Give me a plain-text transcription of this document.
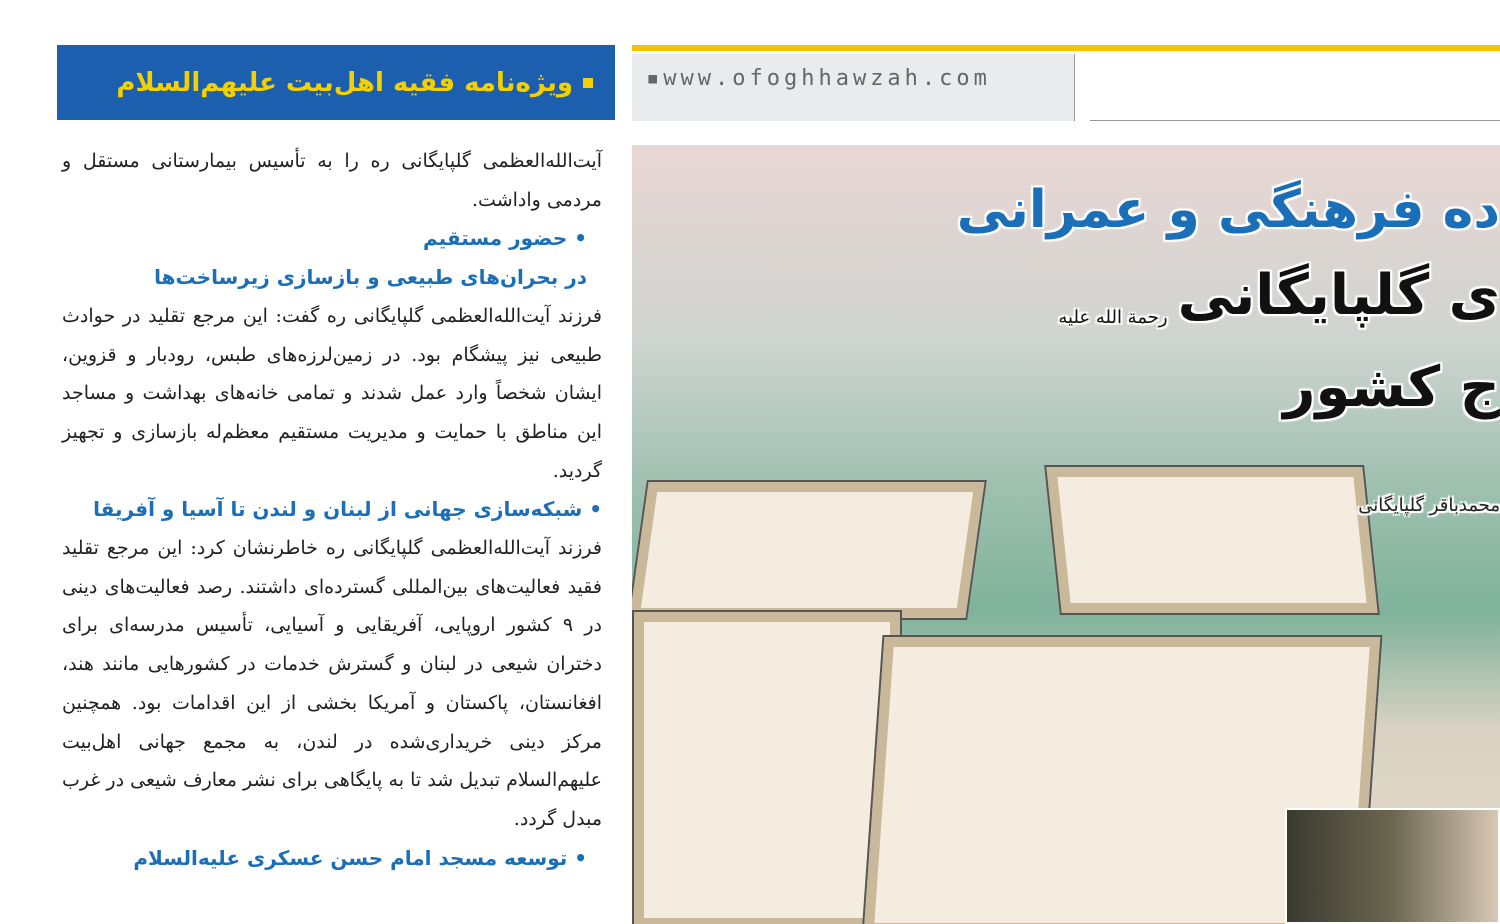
ویژه‌نامه فقیه اهل‌بیت علیهم‌السلام

آیت‌الله‌العظمی گلپایگانی ره را به تأسیس بیمارستانی مستقل و مردمی واداشت.

• حضور مستقیم
در بحران‌های طبیعی و بازسازی زیرساخت‌ها

فرزند آیت‌الله‌العظمی گلپایگانی ره گفت: این مرجع تقلید در حوادث طبیعی نیز پیشگام بود. در زمین‌لرزه‌های طبس، رودبار و قزوین، ایشان شخصاً وارد عمل شدند و تمامی خانه‌های بهداشت و مساجد این مناطق با حمایت و مدیریت مستقیم معظم‌له بازسازی و تجهیز گردید.

• شبکه‌سازی جهانی از لبنان و لندن تا آسیا و آفریقا

فرزند آیت‌الله‌العظمی گلپایگانی ره خاطرنشان کرد: این مرجع تقلید فقید فعالیت‌های بین‌المللی گسترده‌ای داشتند. رصد فعالیت‌های دینی در ۹ کشور اروپایی، آفریقایی و آسیایی، تأسیس مدرسه‌ای برای دختران شیعی در لبنان و گسترش خدمات در کشورهایی مانند هند، افغانستان، پاکستان و آمریکا بخشی از این اقدامات بود. همچنین مرکز دینی خریداری‌شده در لندن، به مجمع جهانی اهل‌بیت علیهم‌السلام تبدیل شد تا به پایگاهی برای نشر معارف شیعی در غرب مبدل گردد.

• توسعه مسجد امام حسن عسکری علیه‌السلام
▪www.ofoghhawzah.com
ده فرهنگی و عمرانی
ی گلپایگانی
رحمة الله علیه
ج کشور
محمدباقر گلپایگانی
